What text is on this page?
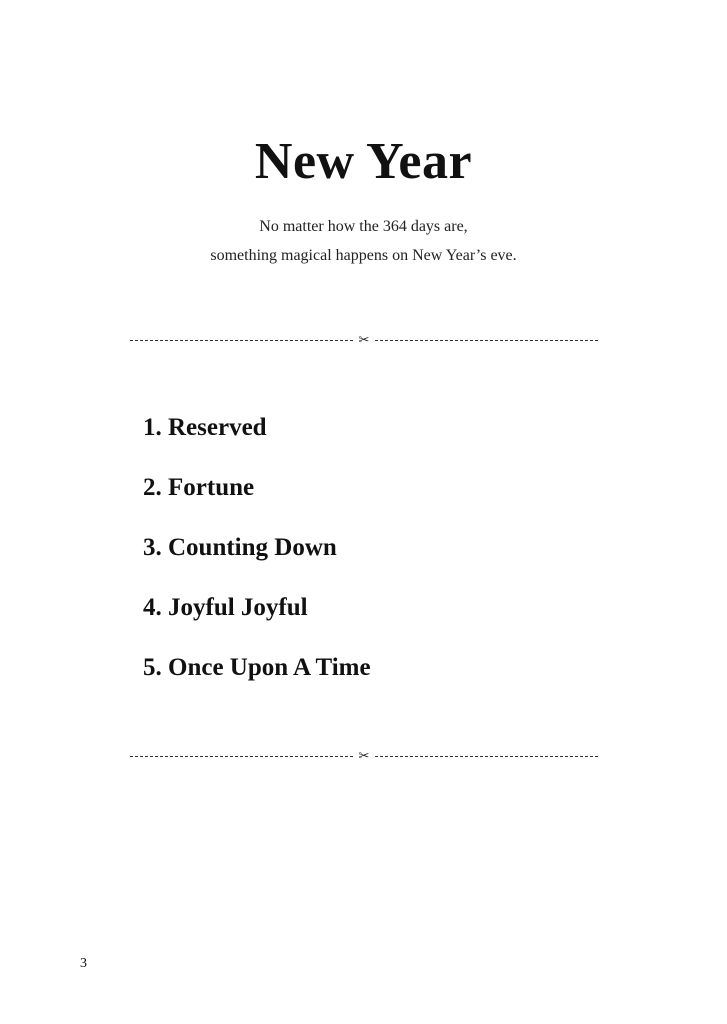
New Year
No matter how the 364 days are,
something magical happens on New Year’s eve.
✂
1. Reserved
2. Fortune
3. Counting Down
4. Joyful Joyful
5. Once Upon A Time
✂
3
